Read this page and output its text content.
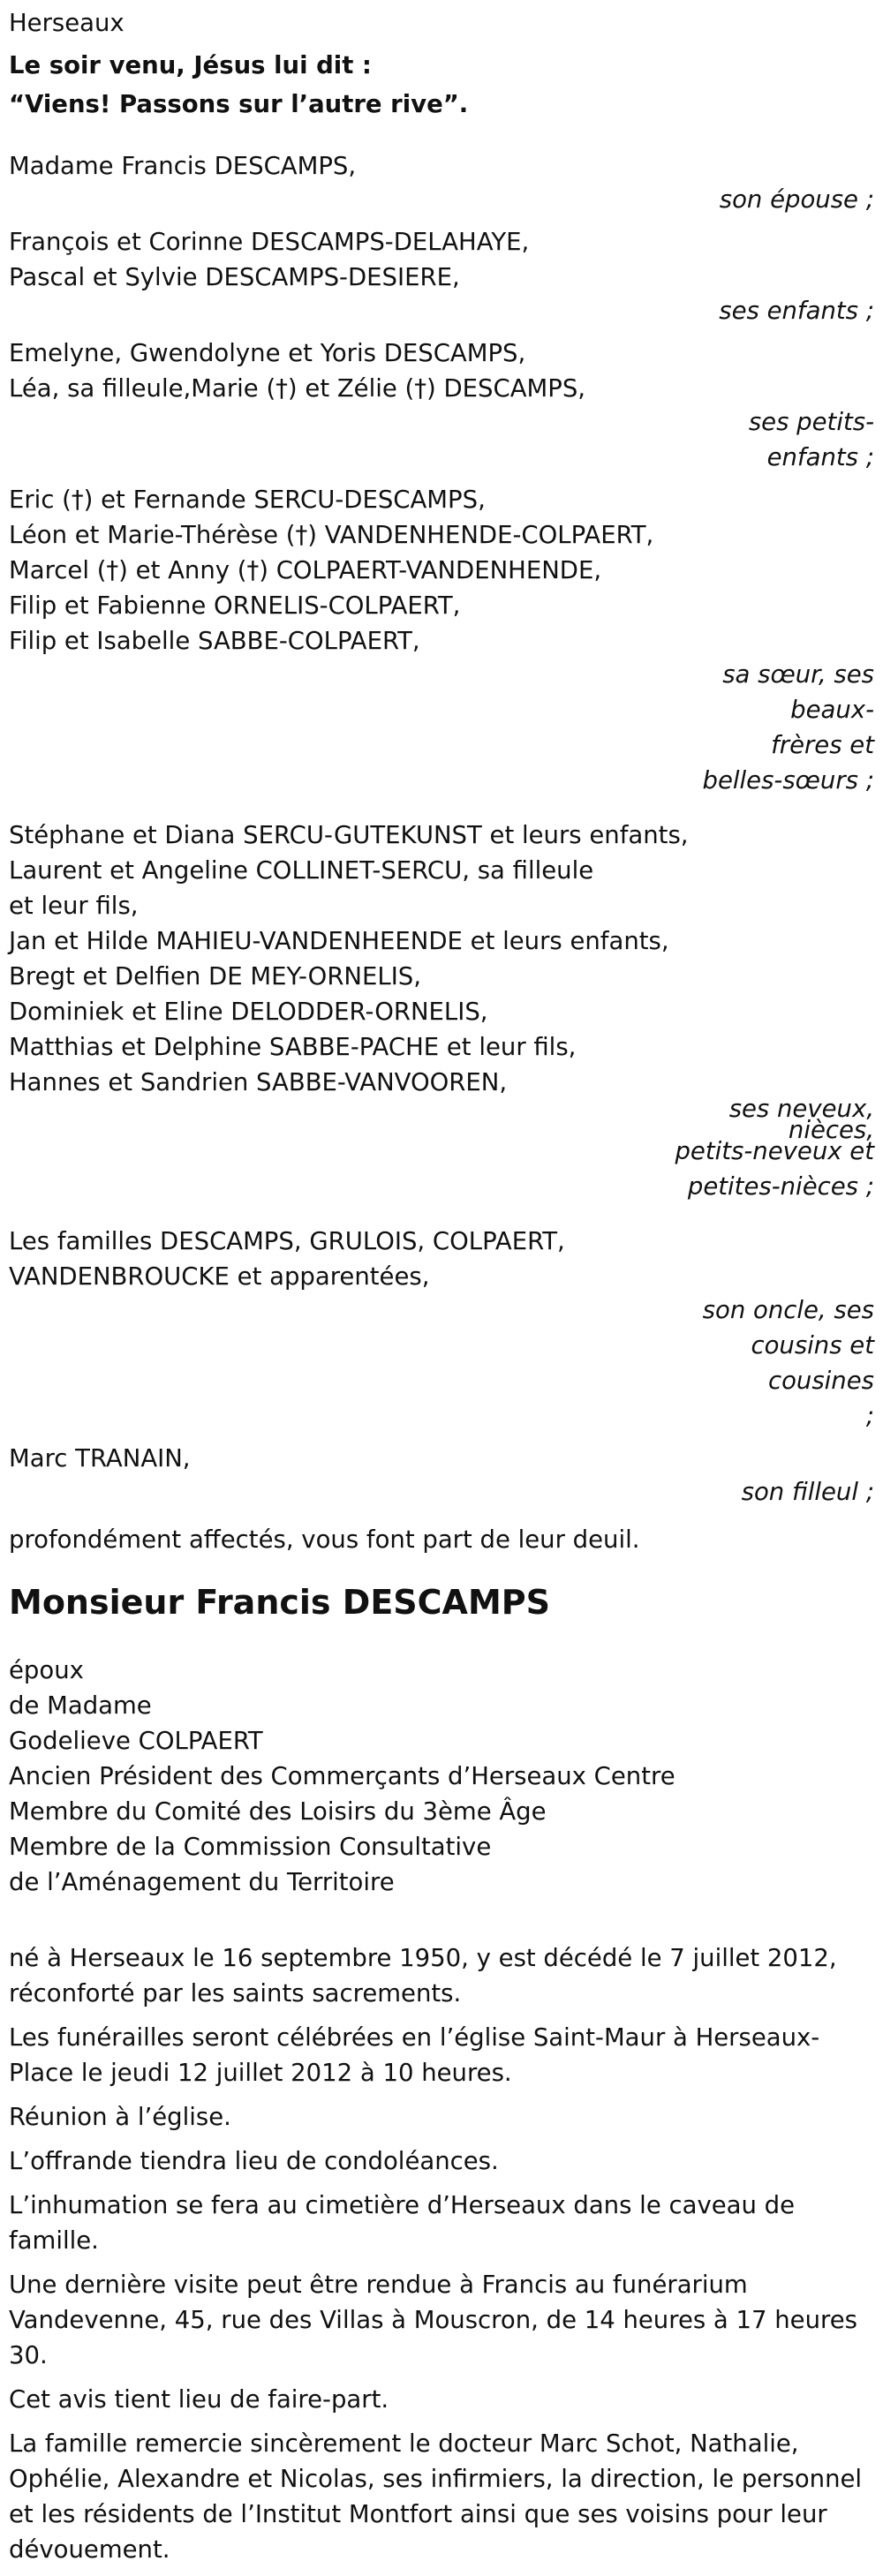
Herseaux

Le soir venu, Jésus lui dit :

“Viens! Passons sur l’autre rive”.

Madame Francis DESCAMPS,
son épouse ;
François et Corinne DESCAMPS-DELAHAYE,
Pascal et Sylvie DESCAMPS-DESIERE,
ses enfants ;
Emelyne, Gwendolyne et Yoris DESCAMPS,
Léa, sa filleule,Marie (†) et Zélie (†) DESCAMPS,
ses petits-enfants ;
Eric (†) et Fernande SERCU-DESCAMPS,
Léon et Marie-Thérèse (†) VANDENHENDE-COLPAERT,
Marcel (†) et Anny (†) COLPAERT-VANDENHENDE,
Filip et Fabienne ORNELIS-COLPAERT,
Filip et Isabelle SABBE-COLPAERT,
sa sœur, ses beaux-
frères et
belles-sœurs ;
Stéphane et Diana SERCU-GUTEKUNST et leurs enfants,
Laurent et Angeline COLLINET-SERCU, sa filleule
et leur fils,
Jan et Hilde MAHIEU-VANDENHEENDE et leurs enfants,
Bregt et Delfien DE MEY-ORNELIS,
Dominiek et Eline DELODDER-ORNELIS,
Matthias et Delphine SABBE-PACHE et leur fils,
Hannes et Sandrien SABBE-VANVOOREN,
ses neveux, nièces,
petits-neveux et
petites-nièces ;
Les familles DESCAMPS, GRULOIS, COLPAERT,
VANDENBROUCKE et apparentées,
son oncle, ses
cousins et cousines
;
Marc TRANAIN,
son filleul ;

profondément affectés, vous font part de leur deuil.

Monsieur Francis DESCAMPS

époux

de Madame

Godelieve COLPAERT

Ancien Président des Commerçants d’Herseaux Centre

Membre du Comité des Loisirs du 3ème Âge

Membre de la Commission Consultative

de l’Aménagement du Territoire

né à Herseaux le 16 septembre 1950, y est décédé le 7 juillet 2012, réconforté par les saints sacrements.

Les funérailles seront célébrées en l’église Saint-Maur à Herseaux-Place le jeudi 12 juillet 2012 à 10 heures.

Réunion à l’église.

L’offrande tiendra lieu de condoléances.

L’inhumation se fera au cimetière d’Herseaux dans le caveau de famille.

Une dernière visite peut être rendue à Francis au funérarium Vandevenne, 45, rue des Villas à Mouscron, de 14 heures à 17 heures 30.

Cet avis tient lieu de faire-part.

La famille remercie sincèrement le docteur Marc Schot, Nathalie, Ophélie, Alexandre et Nicolas, ses infirmiers, la direction, le personnel et les résidents de l’Institut Montfort ainsi que ses voisins pour leur dévouement.
